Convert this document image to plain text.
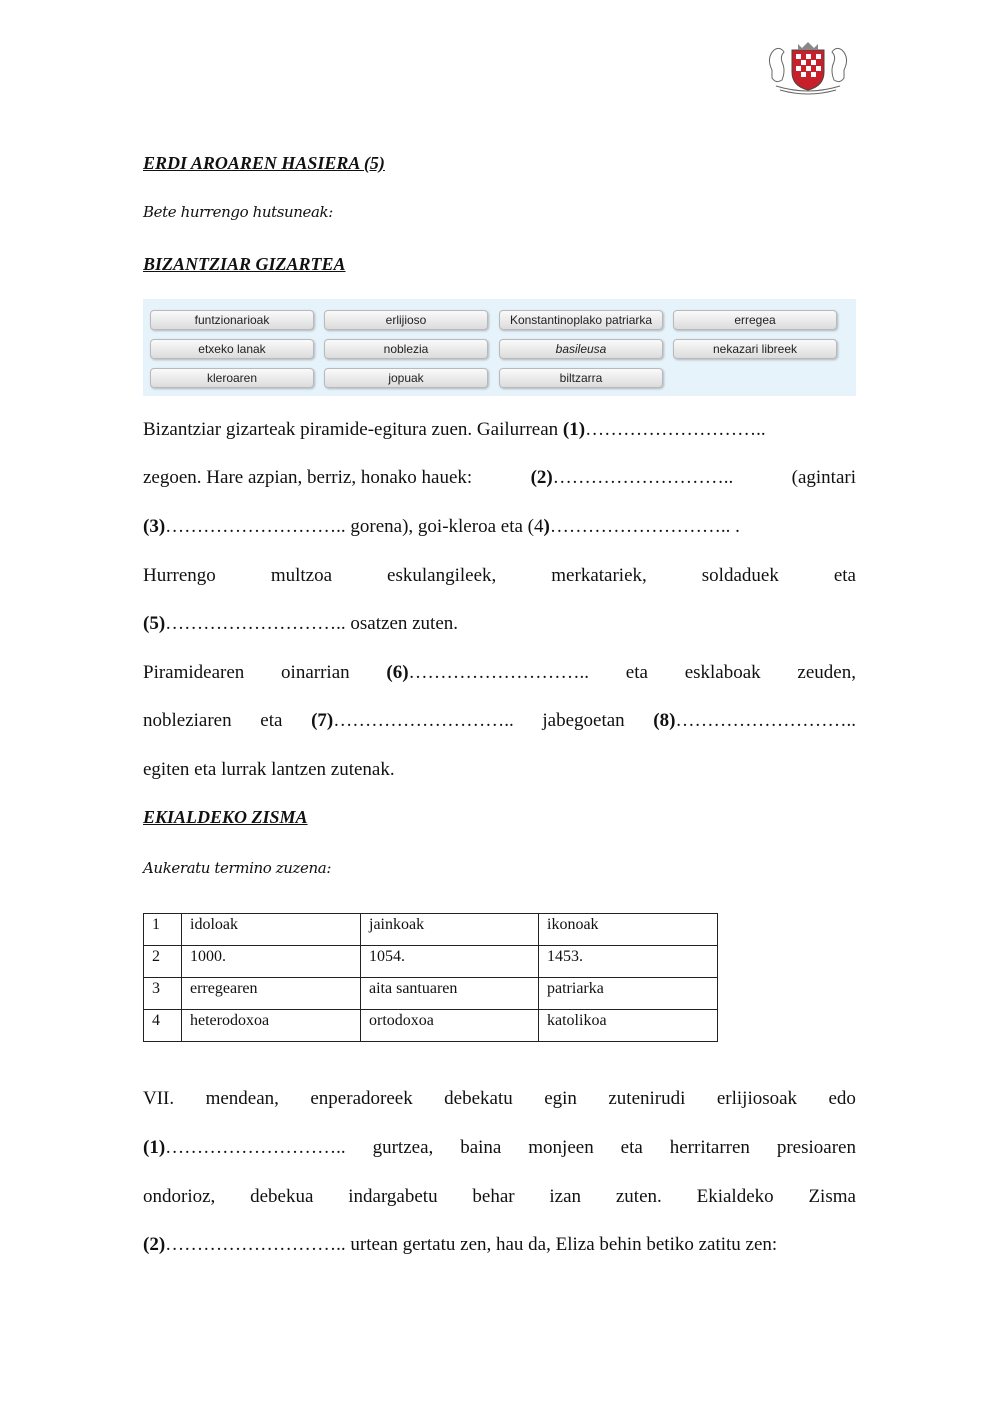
ERDI AROAREN HASIERA (5)
Bete hurrengo hutsuneak:
BIZANTZIAR GIZARTEA
funtzionarioak	erlijioso	Konstantinoplako patriarka	erregea
etxeko lanak	noblezia	basileusa	nekazari libreek
kleroaren	jopuak	biltzarra
Bizantziar gizarteak piramide-egitura zuen. Gailurrean (1)………………………..
zegoen. Hare azpian, berriz, honako hauek:	(2)………………………..	(agintari
(3)……………………….. gorena), goi-kleroa eta (4)……………………….. .
Hurrengo	multzoa	eskulangileek,	merkatariek,	soldaduek	eta
(5)……………………….. osatzen zuten.
Piramidearen oinarrian (6)……………………….. eta esklaboak zeuden,
nobleziaren eta (7)……………………….. jabegoetan (8)………………………..
egiten eta lurrak lantzen zutenak.
EKIALDEKO ZISMA
Aukeratu termino zuzena:
1	idoloak	jainkoak	ikonoak
2	1000.	1054.	1453.
3	erregearen	aita santuaren	patriarka
4	heterodoxoa	ortodoxoa	katolikoa
VII. mendean, enperadoreek debekatu egin zutenirudi erlijiosoak edo
(1)……………………….. gurtzea, baina monjeen eta herritarren presioaren
ondorioz, debekua indargabetu behar izan zuten. Ekialdeko Zisma
(2)……………………….. urtean gertatu zen, hau da, Eliza behin betiko zatitu zen:
